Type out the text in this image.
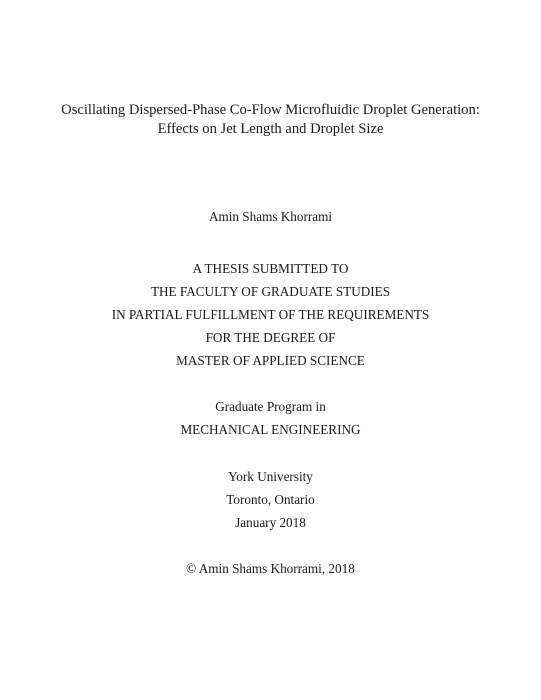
Oscillating Dispersed-Phase Co-Flow Microfluidic Droplet Generation:
Effects on Jet Length and Droplet Size
Amin Shams Khorrami
A THESIS SUBMITTED TO
THE FACULTY OF GRADUATE STUDIES
IN PARTIAL FULFILLMENT OF THE REQUIREMENTS
FOR THE DEGREE OF
MASTER OF APPLIED SCIENCE
Graduate Program in
MECHANICAL ENGINEERING
York University
Toronto, Ontario
January 2018
© Amin Shams Khorrami, 2018
